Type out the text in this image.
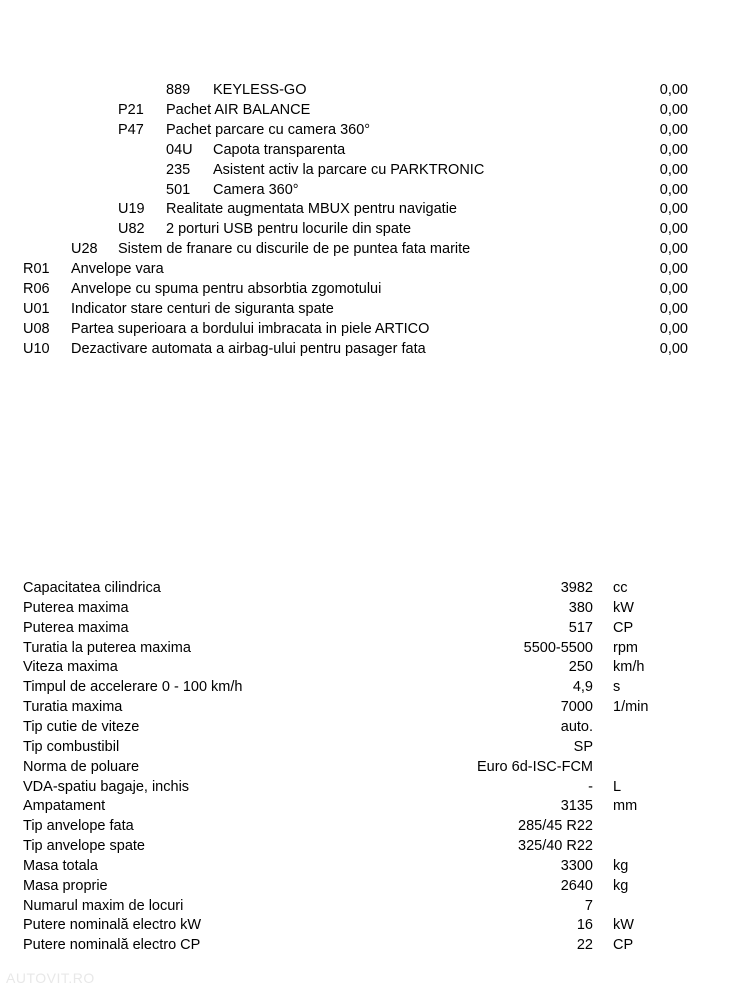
889 KEYLESS-GO	0,00
P21 Pachet AIR BALANCE	0,00
P47 Pachet parcare cu camera 360°	0,00
04U Capota transparenta	0,00
235 Asistent activ la parcare cu PARKTRONIC	0,00
501 Camera 360°	0,00
U19 Realitate augmentata MBUX pentru navigatie	0,00
U82 2 porturi USB pentru locurile din spate	0,00
U28 Sistem de franare cu discurile de pe puntea fata marite	0,00
R01 Anvelope vara	0,00
R06 Anvelope cu spuma pentru absorbtia zgomotului	0,00
U01 Indicator stare centuri de siguranta spate	0,00
U08 Partea superioara a bordului imbracata in piele ARTICO	0,00
U10 Dezactivare automata a airbag-ului pentru pasager fata	0,00
Capacitatea cilindrica	3982 cc
Puterea maxima	380 kW
Puterea maxima	517 CP
Turatia la puterea maxima	5500-5500 rpm
Viteza maxima	250 km/h
Timpul de accelerare 0 - 100 km/h	4,9 s
Turatia maxima	7000 1/min
Tip cutie de viteze	auto.
Tip combustibil	SP
Norma de poluare	Euro 6d-ISC-FCM
VDA-spatiu bagaje, inchis	- L
Ampatament	3135 mm
Tip anvelope fata	285/45 R22
Tip anvelope spate	325/40 R22
Masa totala	3300 kg
Masa proprie	2640 kg
Numarul maxim de locuri	7
Putere nominală electro kW	16 kW
Putere nominală electro CP	22 CP
AUTOVIT.RO
